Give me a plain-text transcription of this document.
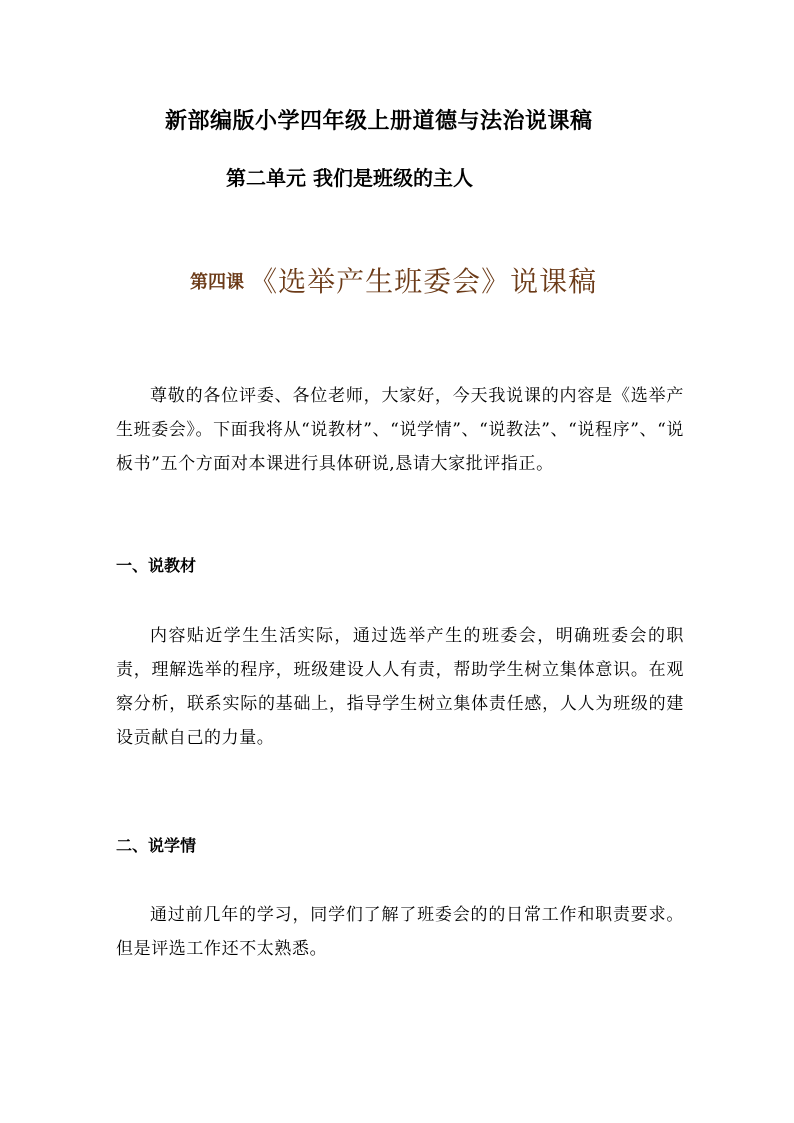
新部编版小学四年级上册道德与法治说课稿
第二单元 我们是班级的主人
第四课 《选举产生班委会》说课稿

尊敬的各位评委、各位老师，大家好，今天我说课的内容是《选举产生班委会》。下面我将从“说教材”、“说学情”、“说教法”、“说程序”、“说板书”五个方面对本课进行具体研说,恳请大家批评指正。

一、说教材

内容贴近学生生活实际，通过选举产生的班委会，明确班委会的职责，理解选举的程序，班级建设人人有责，帮助学生树立集体意识。在观察分析，联系实际的基础上，指导学生树立集体责任感，人人为班级的建设贡献自己的力量。

二、说学情

通过前几年的学习，同学们了解了班委会的的日常工作和职责要求。但是评选工作还不太熟悉。
